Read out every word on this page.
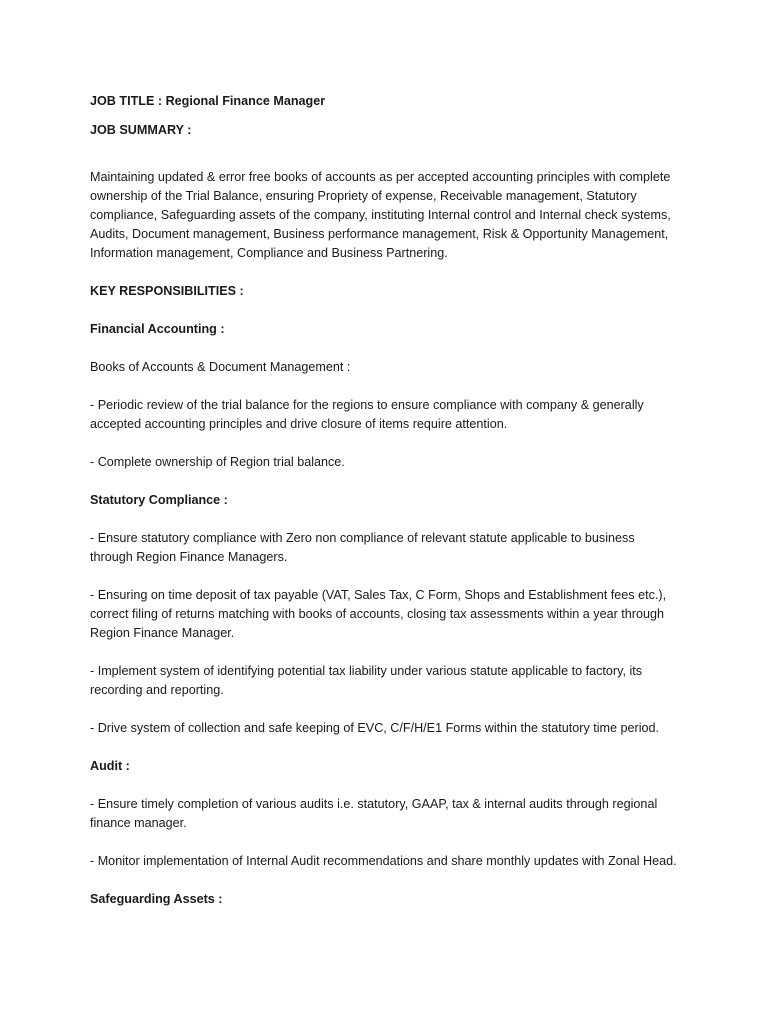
JOB TITLE : Regional Finance Manager

JOB SUMMARY :

Maintaining updated & error free books of accounts as per accepted accounting principles with complete ownership of the Trial Balance, ensuring Propriety of expense, Receivable management, Statutory compliance, Safeguarding assets of the company, instituting Internal control and Internal check systems, Audits, Document management, Business performance management, Risk & Opportunity Management, Information management, Compliance and Business Partnering.

KEY RESPONSIBILITIES :

Financial Accounting :

Books of Accounts & Document Management :

- Periodic review of the trial balance for the regions to ensure compliance with company & generally accepted accounting principles and drive closure of items require attention.

- Complete ownership of Region trial balance.

Statutory Compliance :

- Ensure statutory compliance with Zero non compliance of relevant statute applicable to business through Region Finance Managers.

- Ensuring on time deposit of tax payable (VAT, Sales Tax, C Form, Shops and Establishment fees etc.), correct filing of returns matching with books of accounts, closing tax assessments within a year through Region Finance Manager.

- Implement system of identifying potential tax liability under various statute applicable to factory, its recording and reporting.

- Drive system of collection and safe keeping of EVC, C/F/H/E1 Forms within the statutory time period.

Audit :

- Ensure timely completion of various audits i.e. statutory, GAAP, tax & internal audits through regional finance manager.

- Monitor implementation of Internal Audit recommendations and share monthly updates with Zonal Head.

Safeguarding Assets :
